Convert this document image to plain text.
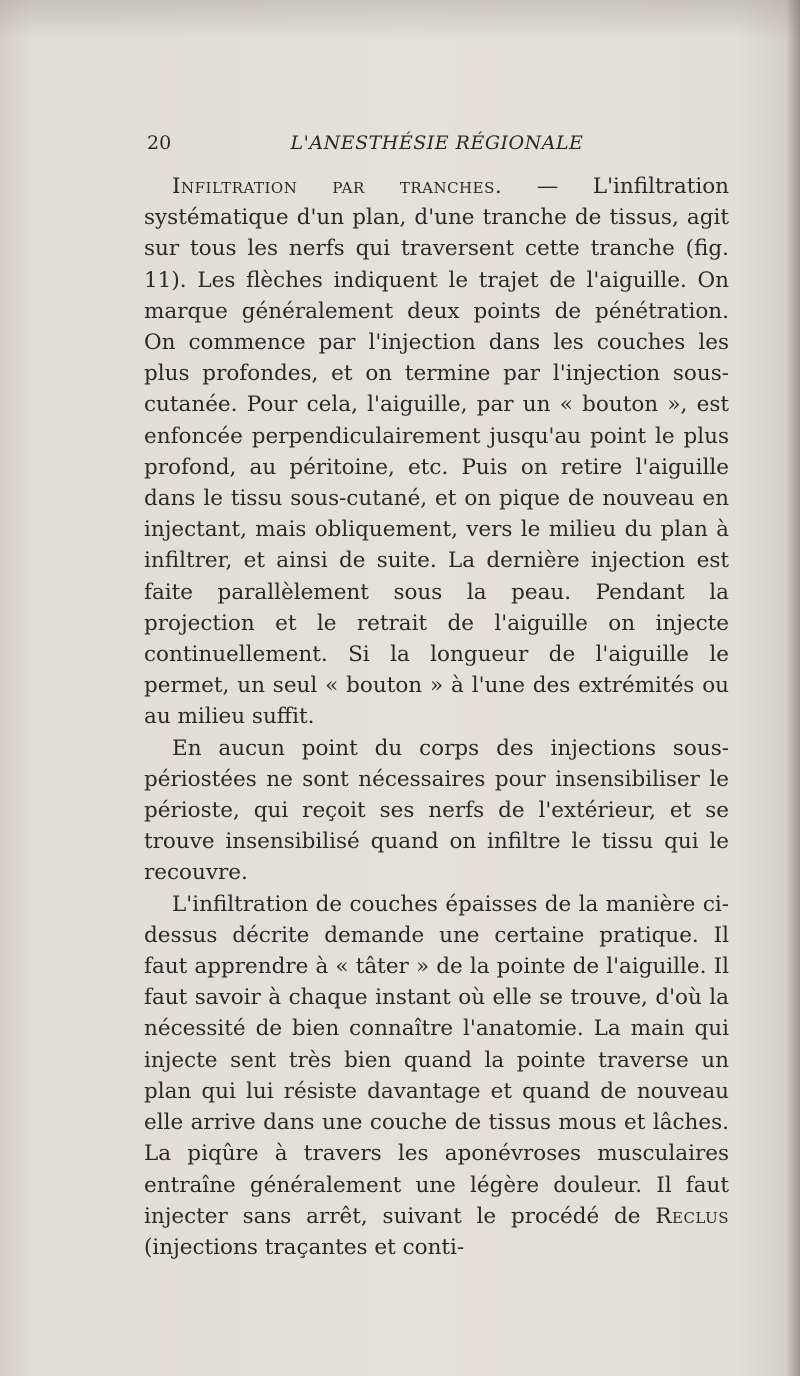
20	L'ANESTHÉSIE RÉGIONALE

Infiltration par tranches. — L'infiltration systématique d'un plan, d'une tranche de tissus, agit sur tous les nerfs qui traversent cette tranche (fig. 11). Les flèches indiquent le trajet de l'aiguille. On marque généralement deux points de pénétration. On commence par l'injection dans les couches les plus profondes, et on termine par l'injection sous-cutanée. Pour cela, l'aiguille, par un « bouton », est enfoncée perpendiculairement jusqu'au point le plus profond, au péritoine, etc. Puis on retire l'aiguille dans le tissu sous-cutané, et on pique de nouveau en injectant, mais obliquement, vers le milieu du plan à infiltrer, et ainsi de suite. La dernière injection est faite parallèlement sous la peau. Pendant la projection et le retrait de l'aiguille on injecte continuellement. Si la longueur de l'aiguille le permet, un seul « bouton » à l'une des extrémités ou au milieu suffit.

En aucun point du corps des injections sous-périostées ne sont nécessaires pour insensibiliser le périoste, qui reçoit ses nerfs de l'extérieur, et se trouve insensibilisé quand on infiltre le tissu qui le recouvre.

L'infiltration de couches épaisses de la manière ci-dessus décrite demande une certaine pratique. Il faut apprendre à « tâter » de la pointe de l'aiguille. Il faut savoir à chaque instant où elle se trouve, d'où la nécessité de bien connaître l'anatomie. La main qui injecte sent très bien quand la pointe traverse un plan qui lui résiste davantage et quand de nouveau elle arrive dans une couche de tissus mous et lâches. La piqûre à travers les aponévroses musculaires entraîne généralement une légère douleur. Il faut injecter sans arrêt, suivant le procédé de Reclus (injections traçantes et conti-
